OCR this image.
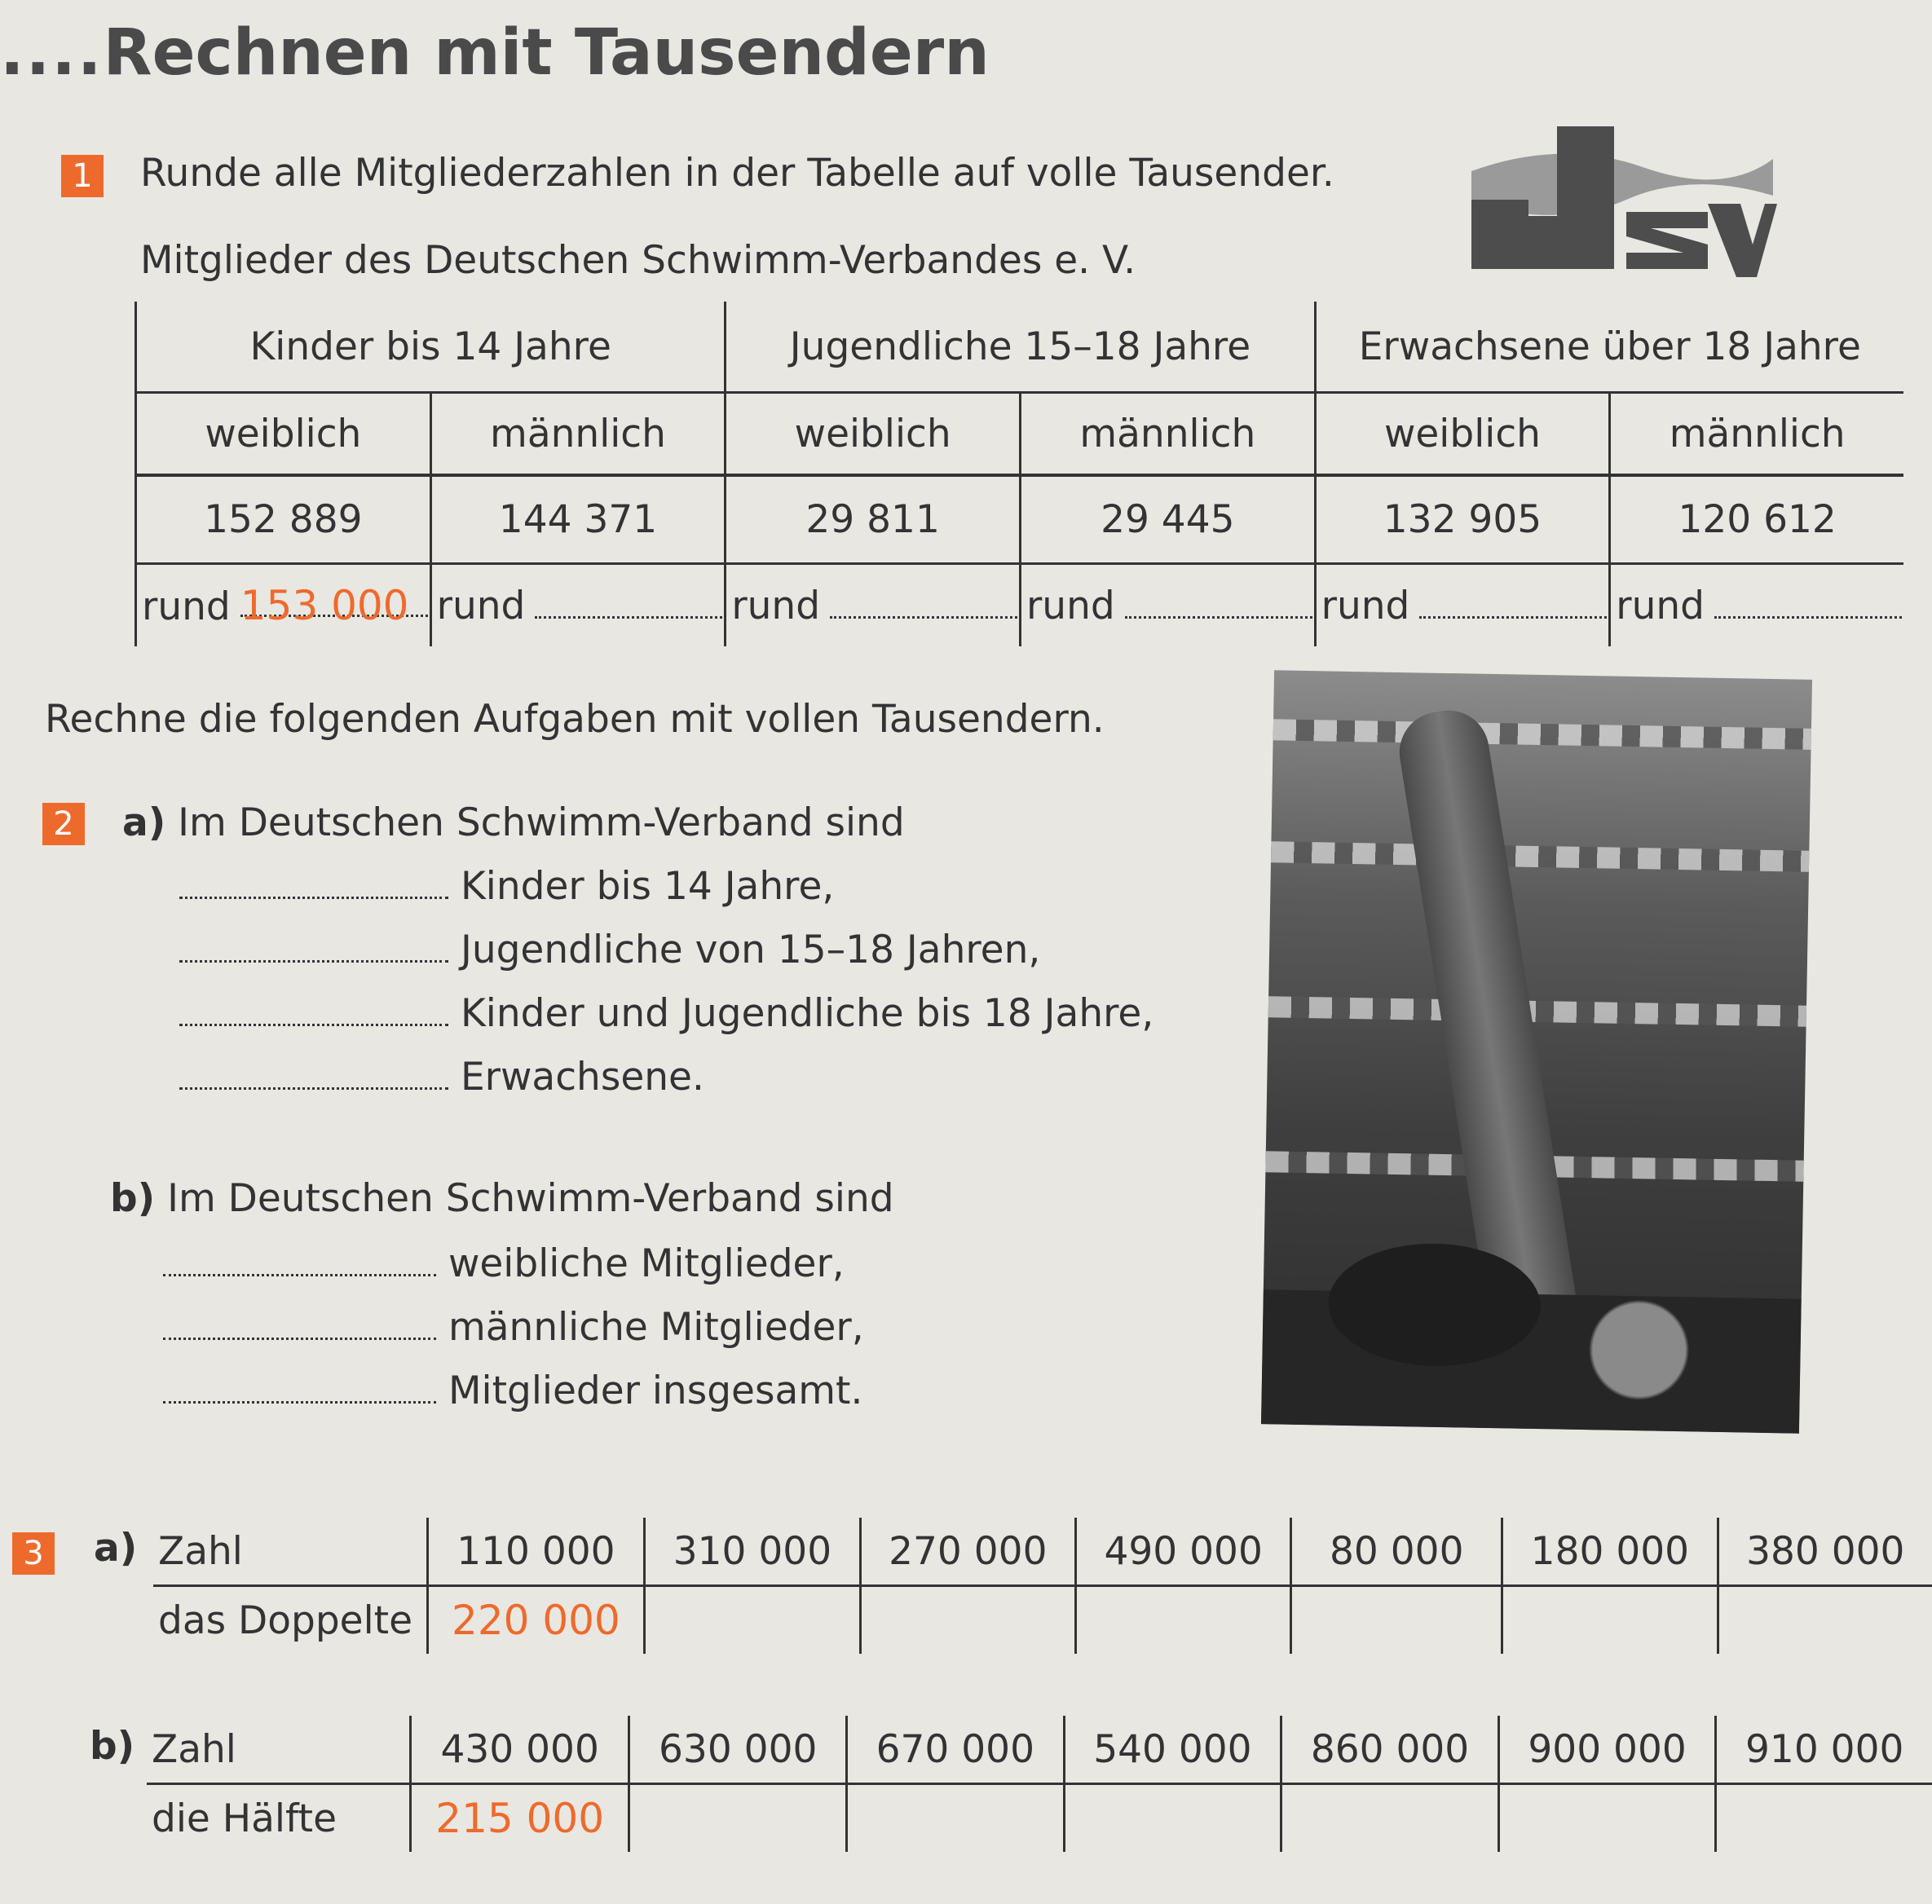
....Rechnen mit Tausendern
1 Runde alle Mitgliederzahlen in der Tabelle auf volle Tausender.
Mitglieder des Deutschen Schwimm-Verbandes e. V.
Kinder bis 14 Jahre		Jugendliche 15–18 Jahre		Erwachsene über 18 Jahre	
weiblich	männlich	weiblich	männlich	weiblich	männlich
152 889	144 371	29 811	29 445	132 905	120 612
rund 153 000	rund	rund	rund	rund	rund
Rechne die folgenden Aufgaben mit vollen Tausendern.
2 a) Im Deutschen Schwimm-Verband sind
Kinder bis 14 Jahre,
Jugendliche von 15–18 Jahren,
Kinder und Jugendliche bis 18 Jahre,
Erwachsene.
b) Im Deutschen Schwimm-Verband sind
weibliche Mitglieder,
männliche Mitglieder,
Mitglieder insgesamt.
3 a) Zahl	110 000	310 000	270 000	490 000	80 000	180 000	380 000
das Doppelte	220 000						
b) Zahl	430 000	630 000	670 000	540 000	860 000	900 000	910 000
die Hälfte	215 000						
